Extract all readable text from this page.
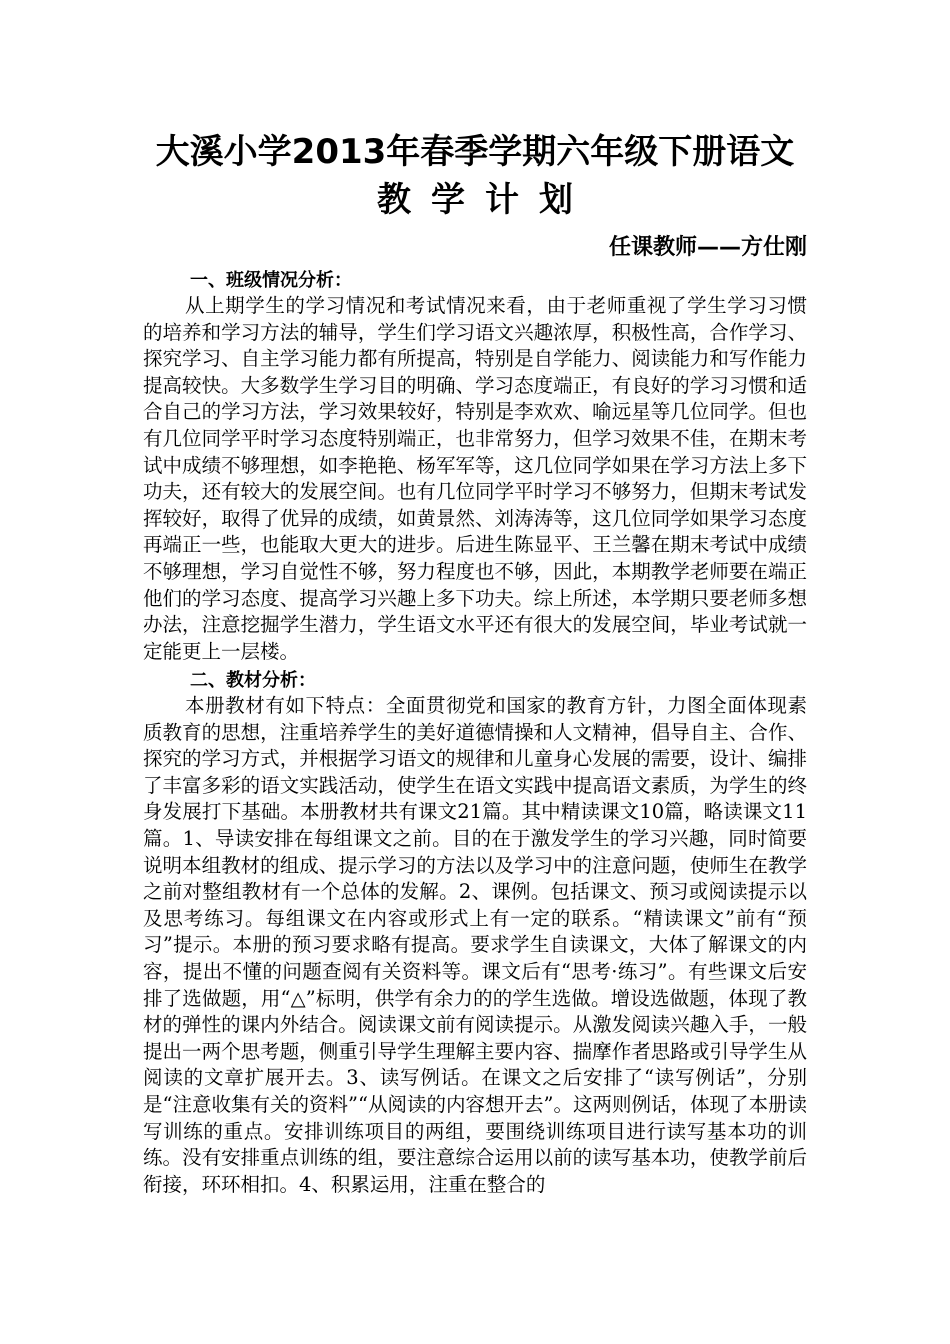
大溪小学2013年春季学期六年级下册语文
教学计划
任课教师——方仕刚
一、班级情况分析：

从上期学生的学习情况和考试情况来看，由于老师重视了学生学习习惯的培养和学习方法的辅导，学生们学习语文兴趣浓厚，积极性高，合作学习、探究学习、自主学习能力都有所提高，特别是自学能力、阅读能力和写作能力提高较快。大多数学生学习目的明确、学习态度端正，有良好的学习习惯和适合自己的学习方法，学习效果较好，特别是李欢欢、喻远星等几位同学。但也有几位同学平时学习态度特别端正，也非常努力，但学习效果不佳，在期末考试中成绩不够理想，如李艳艳、杨军军等，这几位同学如果在学习方法上多下功夫，还有较大的发展空间。也有几位同学平时学习不够努力，但期末考试发挥较好，取得了优异的成绩，如黄景然、刘涛涛等，这几位同学如果学习态度再端正一些，也能取大更大的进步。后进生陈显平、王兰馨在期末考试中成绩不够理想，学习自觉性不够，努力程度也不够，因此，本期教学老师要在端正他们的学习态度、提高学习兴趣上多下功夫。综上所述，本学期只要老师多想办法，注意挖掘学生潜力，学生语文水平还有很大的发展空间，毕业考试就一定能更上一层楼。

二、教材分析：

本册教材有如下特点：全面贯彻党和国家的教育方针，力图全面体现素质教育的思想，注重培养学生的美好道德情操和人文精神，倡导自主、合作、探究的学习方式，并根据学习语文的规律和儿童身心发展的需要，设计、编排了丰富多彩的语文实践活动，使学生在语文实践中提高语文素质，为学生的终身发展打下基础。本册教材共有课文21篇。其中精读课文10篇，略读课文11篇。1、导读安排在每组课文之前。目的在于激发学生的学习兴趣，同时简要说明本组教材的组成、提示学习的方法以及学习中的注意问题，使师生在教学之前对整组教材有一个总体的发解。2、课例。包括课文、预习或阅读提示以及思考练习。每组课文在内容或形式上有一定的联系。“精读课文”前有“预习”提示。本册的预习要求略有提高。要求学生自读课文，大体了解课文的内容，提出不懂的问题查阅有关资料等。课文后有“思考·练习”。有些课文后安排了选做题，用“△”标明，供学有余力的的学生选做。增设选做题，体现了教材的弹性的课内外结合。阅读课文前有阅读提示。从激发阅读兴趣入手，一般提出一两个思考题，侧重引导学生理解主要内容、揣摩作者思路或引导学生从阅读的文章扩展开去。3、读写例话。在课文之后安排了“读写例话”，分别是“注意收集有关的资料”“从阅读的内容想开去”。这两则例话，体现了本册读写训练的重点。安排训练项目的两组，要围绕训练项目进行读写基本功的训练。没有安排重点训练的组，要注意综合运用以前的读写基本功，使教学前后衔接，环环相扣。4、积累运用，注重在整合的
